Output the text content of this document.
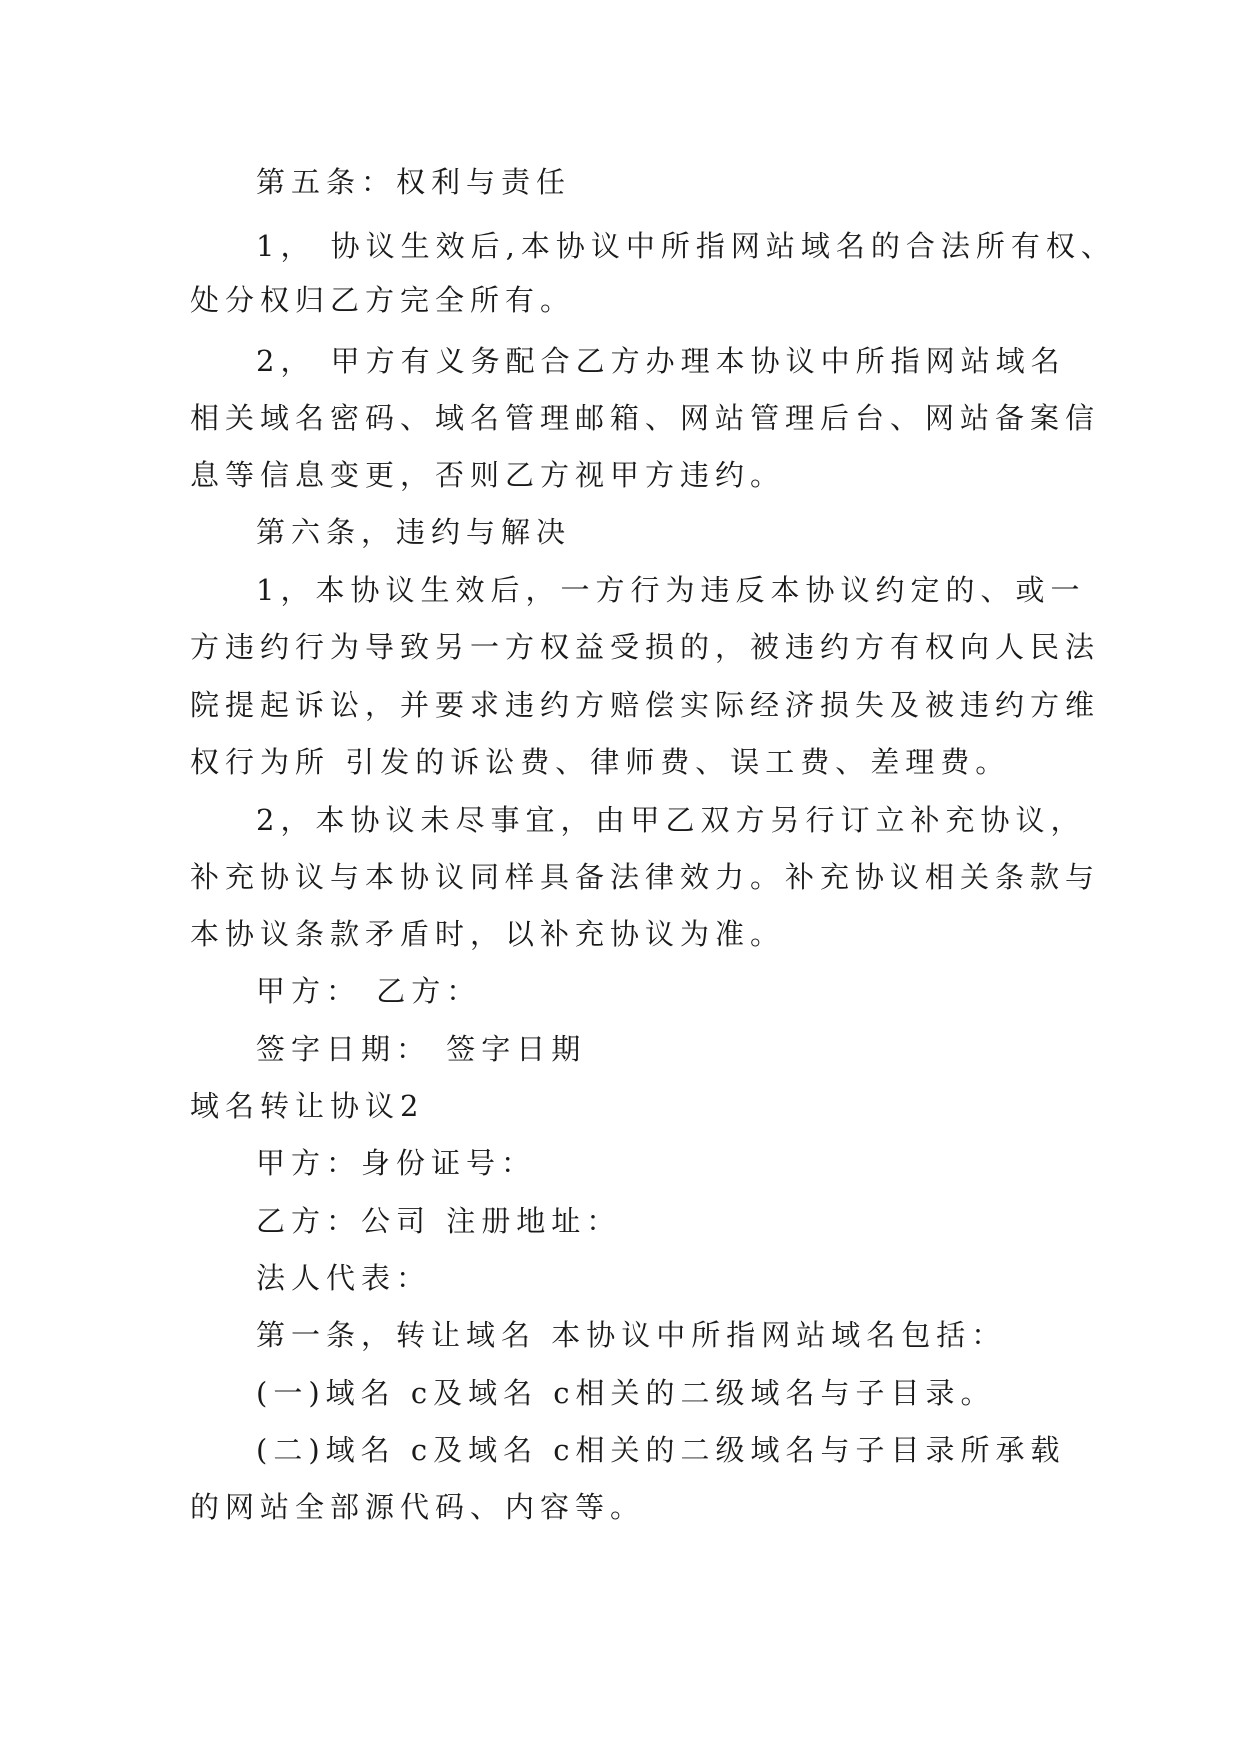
第五条：权利与责任

1， 协议生效后,本协议中所指网站域名的合法所有权、

处分权归乙方完全所有。

2， 甲方有义务配合乙方办理本协议中所指网站域名

相关域名密码、域名管理邮箱、网站管理后台、网站备案信

息等信息变更，否则乙方视甲方违约。

第六条，违约与解决

1，本协议生效后，一方行为违反本协议约定的、或一

方违约行为导致另一方权益受损的，被违约方有权向人民法

院提起诉讼，并要求违约方赔偿实际经济损失及被违约方维

权行为所 引发的诉讼费、律师费、误工费、差理费。

2，本协议未尽事宜，由甲乙双方另行订立补充协议，

补充协议与本协议同样具备法律效力。补充协议相关条款与

本协议条款矛盾时，以补充协议为准。

甲方： 乙方：

签字日期： 签字日期

域名转让协议2

甲方：身份证号：

乙方：公司 注册地址：

法人代表：

第一条，转让域名 本协议中所指网站域名包括：

(一)域名 c及域名 c相关的二级域名与子目录。

(二)域名 c及域名 c相关的二级域名与子目录所承载

的网站全部源代码、内容等。
